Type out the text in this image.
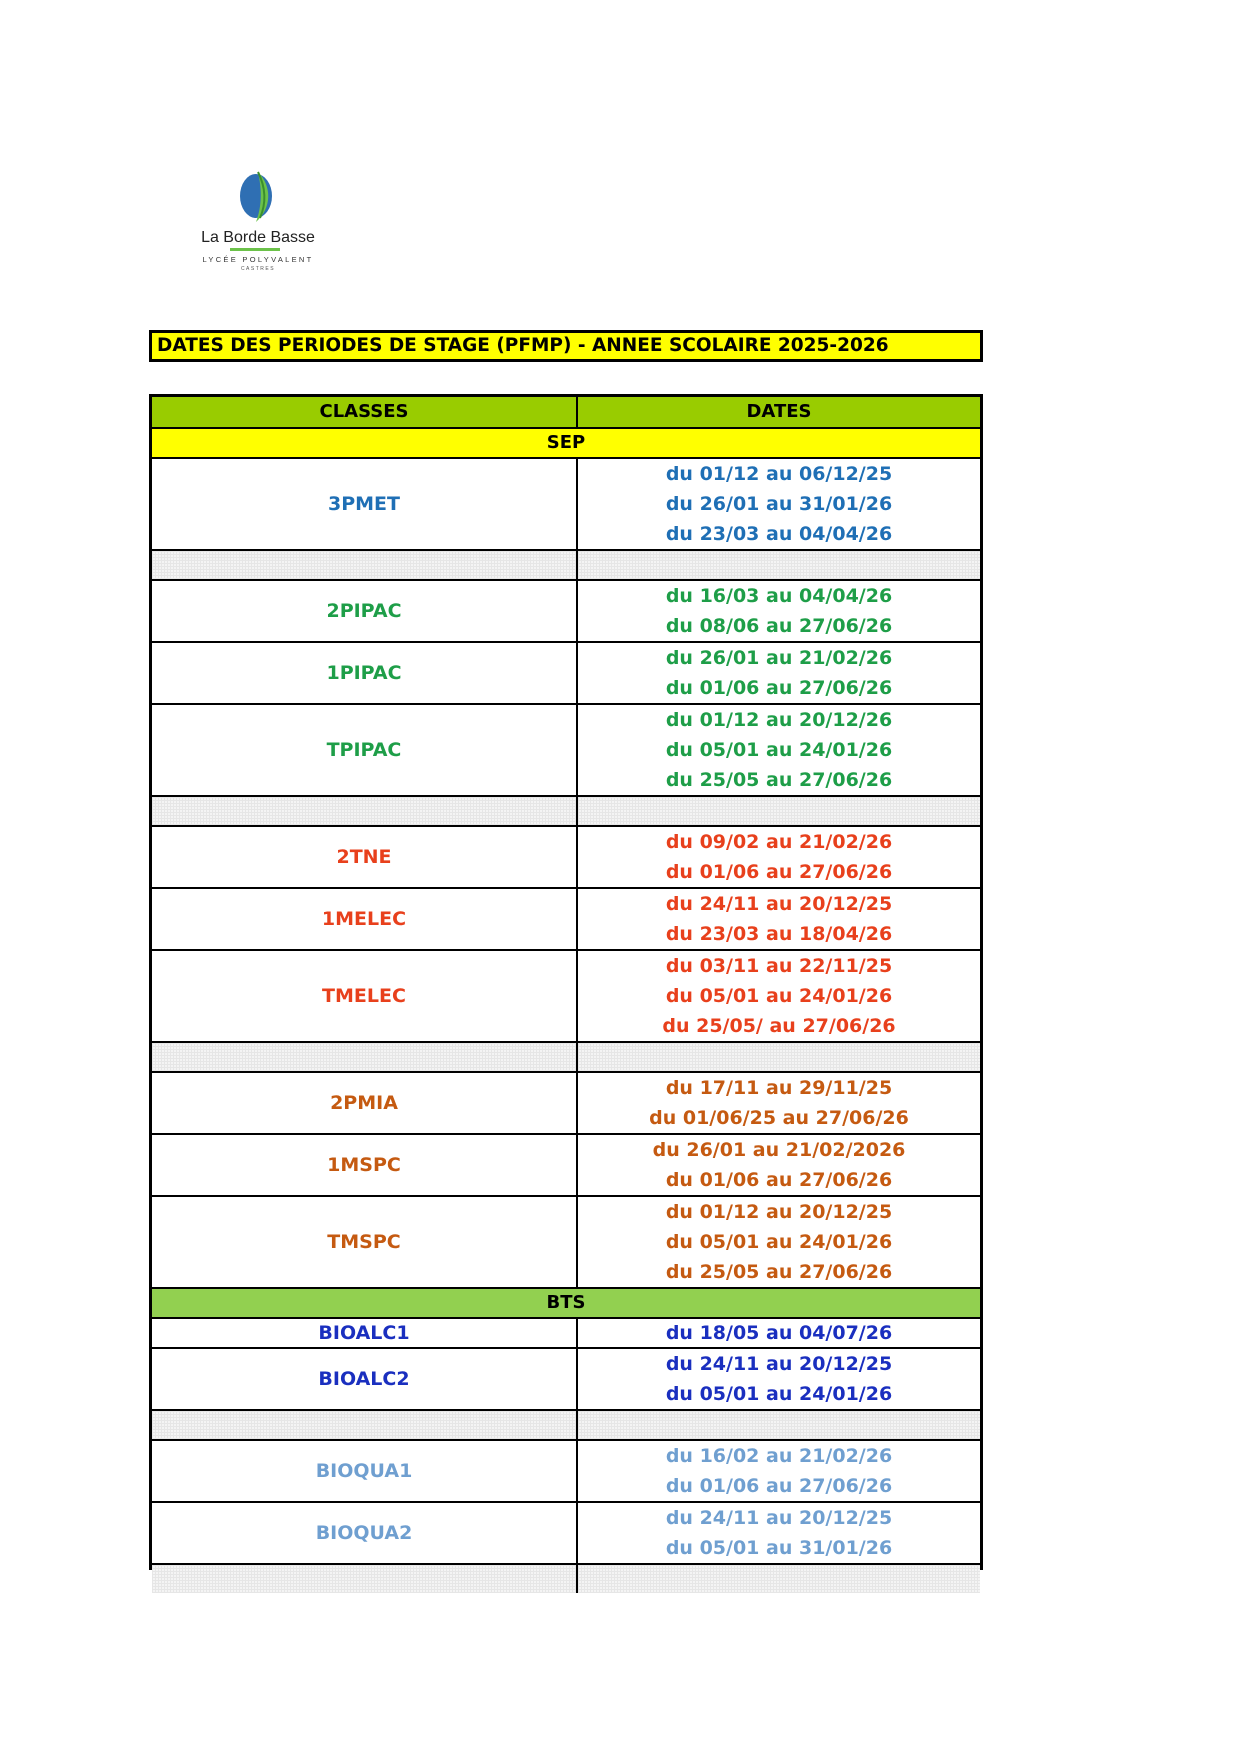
La Borde Basse
LYCÉE POLYVALENT
CASTRES
DATES DES PERIODES DE STAGE (PFMP) - ANNEE SCOLAIRE 2025-2026
CLASSES	DATES
SEP
3PMET
du 01/12 au 06/12/25
du 26/01 au 31/01/26
du 23/03 au 04/04/26
2PIPAC
du 16/03 au 04/04/26
du 08/06 au 27/06/26
1PIPAC
du 26/01 au 21/02/26
du 01/06 au 27/06/26
TPIPAC
du 01/12 au 20/12/26
du 05/01 au 24/01/26
du 25/05 au 27/06/26
2TNE
du 09/02 au 21/02/26
du 01/06 au 27/06/26
1MELEC
du 24/11 au 20/12/25
du 23/03 au 18/04/26
TMELEC
du 03/11 au 22/11/25
du 05/01 au 24/01/26
du 25/05/ au 27/06/26
2PMIA
du 17/11 au 29/11/25
du 01/06/25 au 27/06/26
1MSPC
du 26/01 au 21/02/2026
du 01/06 au 27/06/26
TMSPC
du 01/12 au 20/12/25
du 05/01 au 24/01/26
du 25/05 au 27/06/26
BTS
BIOALC1	du 18/05 au 04/07/26
BIOALC2
du 24/11 au 20/12/25
du 05/01 au 24/01/26
BIOQUA1
du 16/02 au 21/02/26
du 01/06 au 27/06/26
BIOQUA2
du 24/11 au 20/12/25
du 05/01 au 31/01/26
